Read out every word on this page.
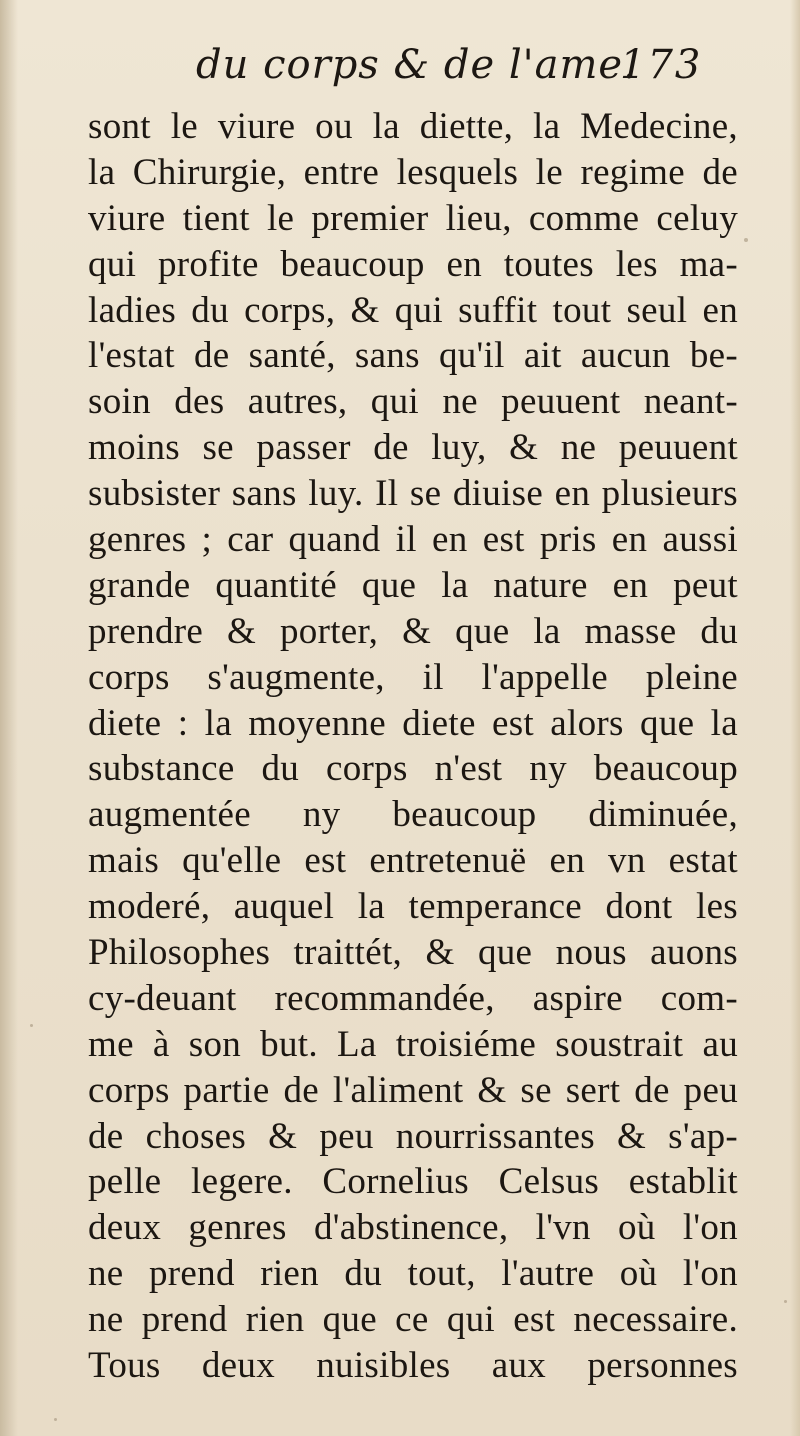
du corps & de l'ame.
173
sont le viure ou la diette, la Medecine,
la Chirurgie, entre lesquels le regime de
viure tient le premier lieu, comme celuy
qui profite beaucoup en toutes les ma-
ladies du corps, & qui suffit tout seul en
l'estat de santé, sans qu'il ait aucun be-
soin des autres, qui ne peuuent neant-
moins se passer de luy, & ne peuuent
subsister sans luy. Il se diuise en plusieurs
genres ; car quand il en est pris en aussi
grande quantité que la nature en peut
prendre & porter, & que la masse du
corps s'augmente, il l'appelle pleine
diete : la moyenne diete est alors que la
substance du corps n'est ny beaucoup
augmentée ny beaucoup diminuée,
mais qu'elle est entretenuë en vn estat
moderé, auquel la temperance dont les
Philosophes traittét, & que nous auons
cy-deuant recommandée, aspire com-
me à son but. La troisiéme soustrait au
corps partie de l'aliment & se sert de peu
de choses & peu nourrissantes & s'ap-
pelle legere. Cornelius Celsus establit
deux genres d'abstinence, l'vn où l'on
ne prend rien du tout, l'autre où l'on
ne prend rien que ce qui est necessaire.
Tous deux nuisibles aux personnes
